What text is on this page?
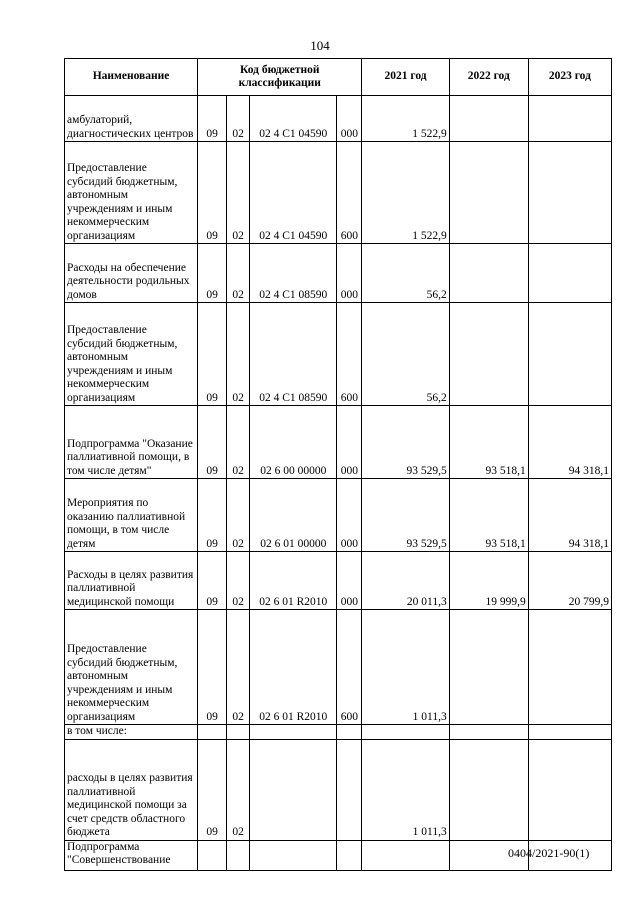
104
Наименование	Код бюджетной классификации				2021 год	2022 год	2023 год
амбулаторий, диагностических центров	09	02	02 4 С1 04590	000	1 522,9		
Предоставление субсидий бюджетным, автономным учреждениям и иным некоммерческим организациям	09	02	02 4 С1 04590	600	1 522,9		
Расходы на обеспечение деятельности родильных домов	09	02	02 4 С1 08590	000	56,2		
Предоставление субсидий бюджетным, автономным учреждениям и иным некоммерческим организациям	09	02	02 4 С1 08590	600	56,2		
Подпрограмма "Оказание паллиативной помощи, в том числе детям"	09	02	02 6 00 00000	000	93 529,5	93 518,1	94 318,1
Мероприятия по оказанию паллиативной помощи, в том числе детям	09	02	02 6 01 00000	000	93 529,5	93 518,1	94 318,1
Расходы в целях развития паллиативной медицинской помощи	09	02	02 6 01 R2010	000	20 011,3	19 999,9	20 799,9
Предоставление субсидий бюджетным, автономным учреждениям и иным некоммерческим организациям	09	02	02 6 01 R2010	600	1 011,3		
в том числе:							
расходы в целях развития паллиативной медицинской помощи за счет средств областного бюджета	09	02			1 011,3		
Подпрограмма "Совершенствование								0404/2021-90(1)
